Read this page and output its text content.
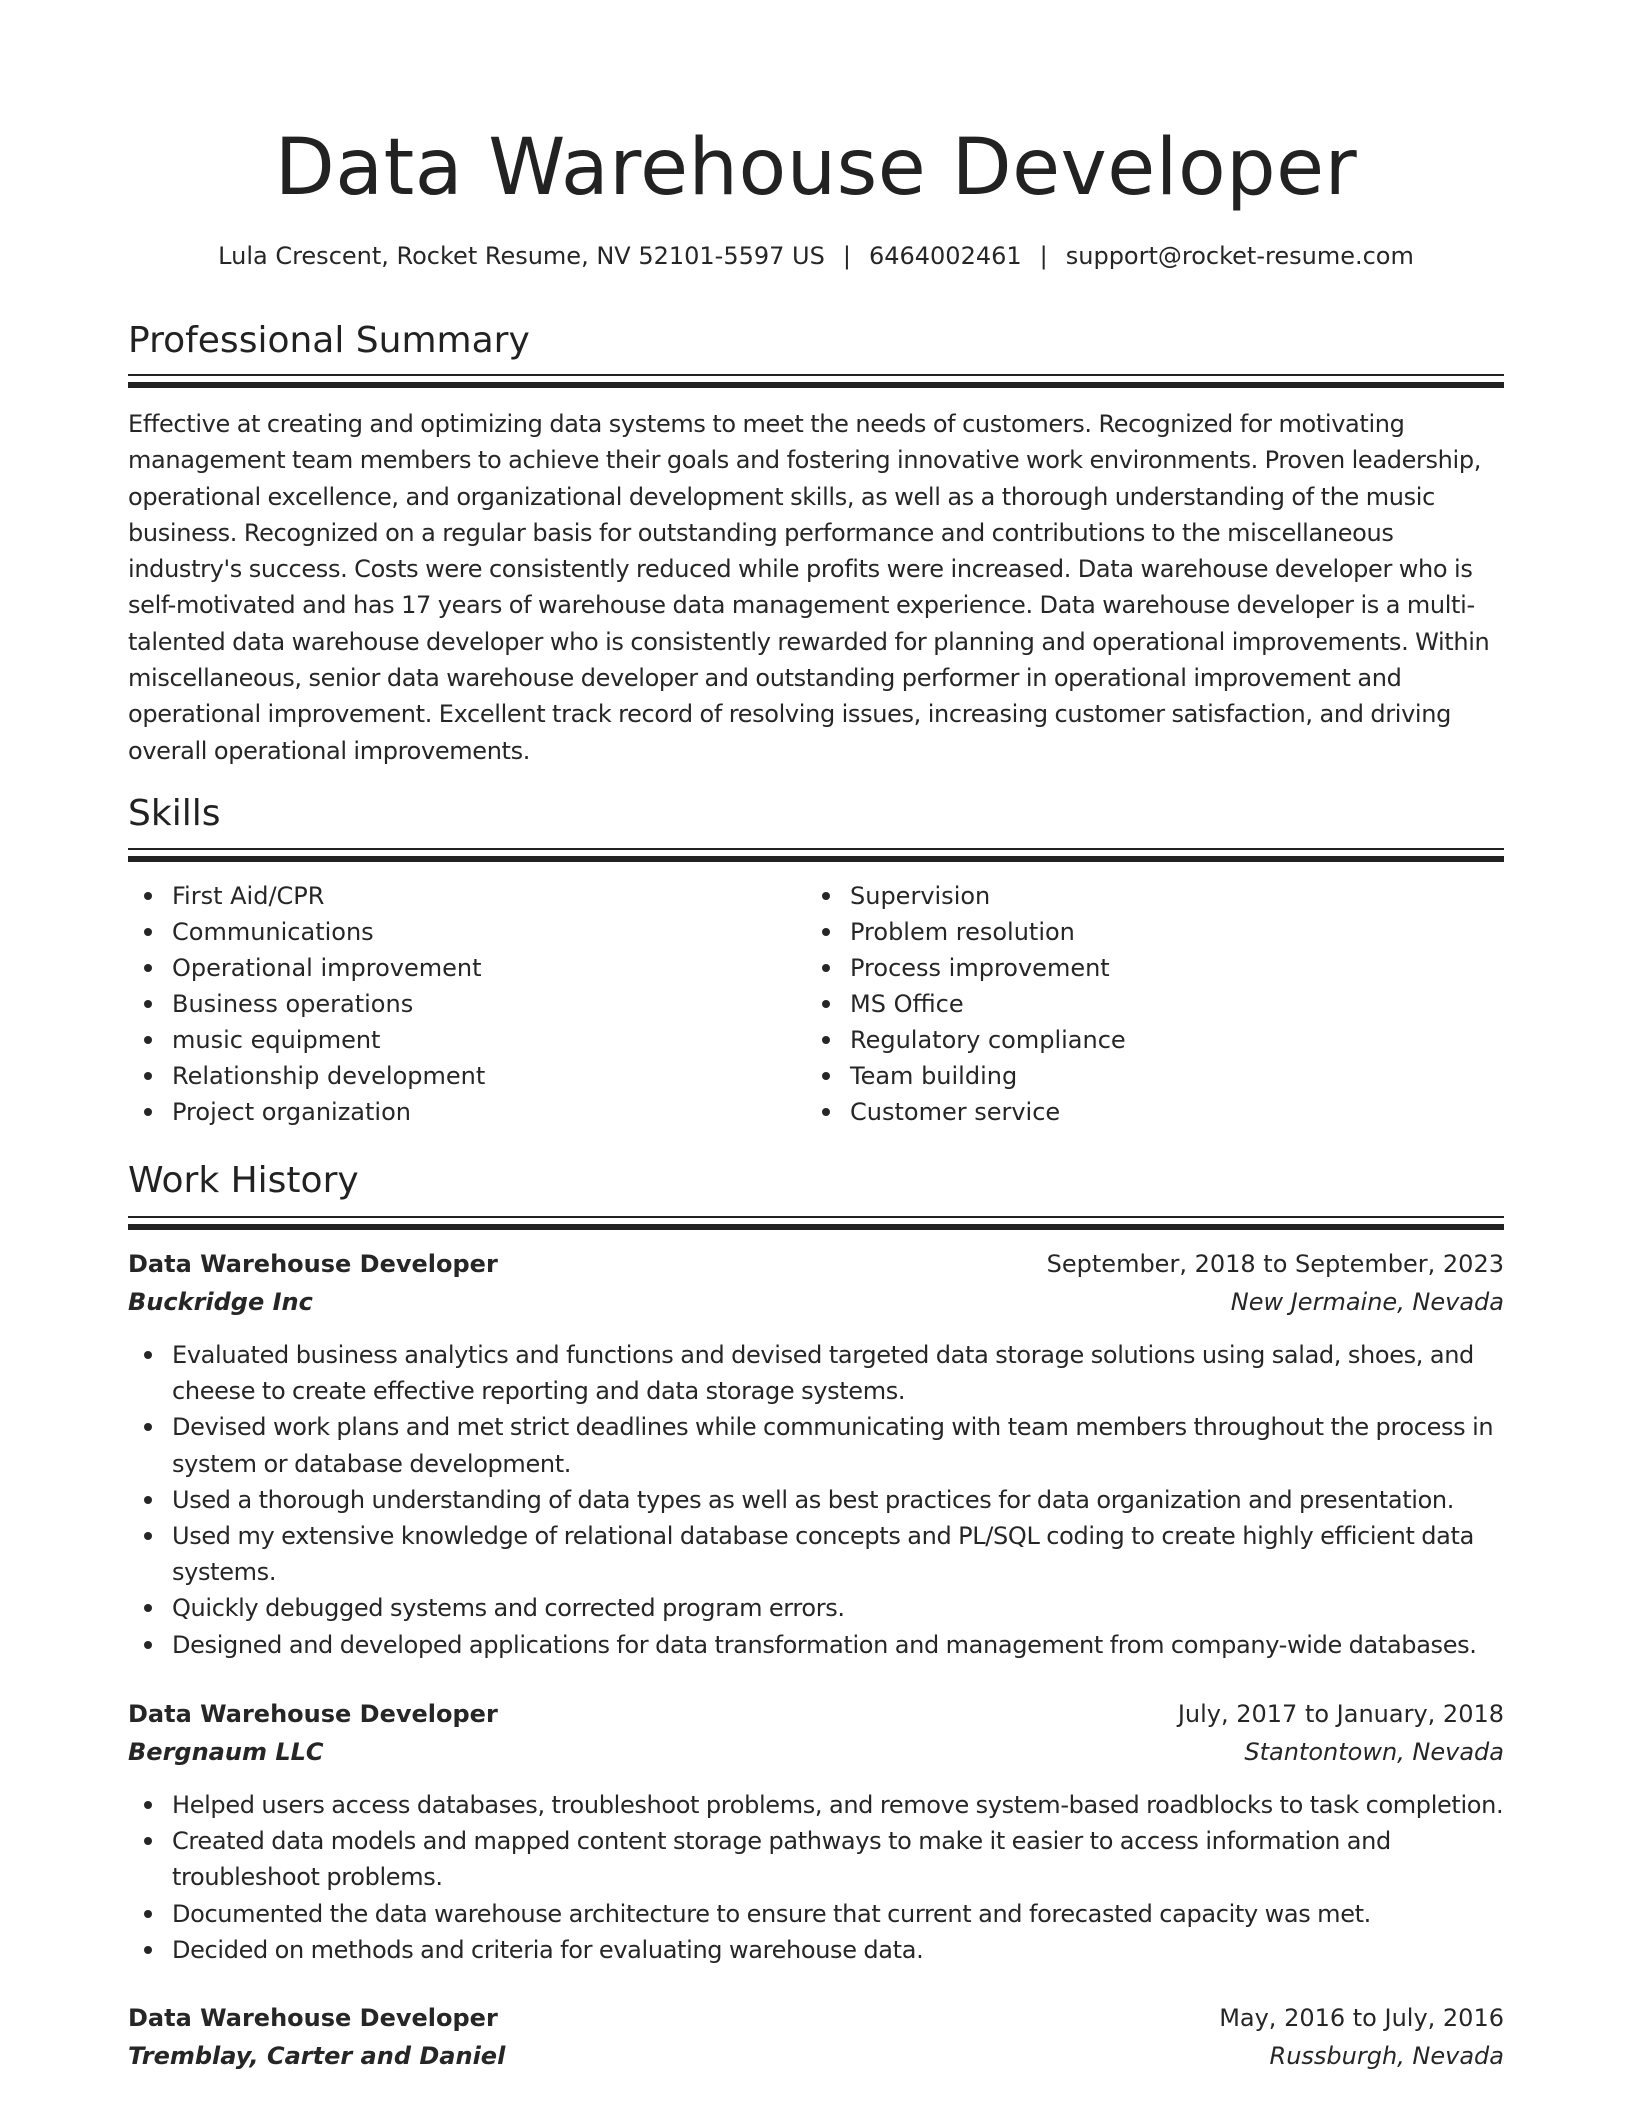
Data Warehouse Developer
Lula Crescent, Rocket Resume, NV 52101-5597 US | 6464002461 | support@rocket-resume.com
Professional Summary

Effective at creating and optimizing data systems to meet the needs of customers. Recognized for motivating management team members to achieve their goals and fostering innovative work environments. Proven leadership, operational excellence, and organizational development skills, as well as a thorough understanding of the music business. Recognized on a regular basis for outstanding performance and contributions to the miscellaneous industry's success. Costs were consistently reduced while profits were increased. Data warehouse developer who is self-motivated and has 17 years of warehouse data management experience. Data warehouse developer is a multi-talented data warehouse developer who is consistently rewarded for planning and operational improvements. Within miscellaneous, senior data warehouse developer and outstanding performer in operational improvement and operational improvement. Excellent track record of resolving issues, increasing customer satisfaction, and driving overall operational improvements.

Skills
First Aid/CPR
Communications
Operational improvement
Business operations
music equipment
Relationship development
Project organization
Supervision
Problem resolution
Process improvement
MS Office
Regulatory compliance
Team building
Customer service
Work History
Data Warehouse Developer	September, 2018 to September, 2023
Buckridge Inc	New Jermaine, Nevada
Evaluated business analytics and functions and devised targeted data storage solutions using salad, shoes, and cheese to create effective reporting and data storage systems.
Devised work plans and met strict deadlines while communicating with team members throughout the process in system or database development.
Used a thorough understanding of data types as well as best practices for data organization and presentation.
Used my extensive knowledge of relational database concepts and PL/SQL coding to create highly efficient data systems.
Quickly debugged systems and corrected program errors.
Designed and developed applications for data transformation and management from company-wide databases.
Data Warehouse Developer	July, 2017 to January, 2018
Bergnaum LLC	Stantontown, Nevada
Helped users access databases, troubleshoot problems, and remove system-based roadblocks to task completion.
Created data models and mapped content storage pathways to make it easier to access information and troubleshoot problems.
Documented the data warehouse architecture to ensure that current and forecasted capacity was met.
Decided on methods and criteria for evaluating warehouse data.
Data Warehouse Developer	May, 2016 to July, 2016
Tremblay, Carter and Daniel	Russburgh, Nevada
